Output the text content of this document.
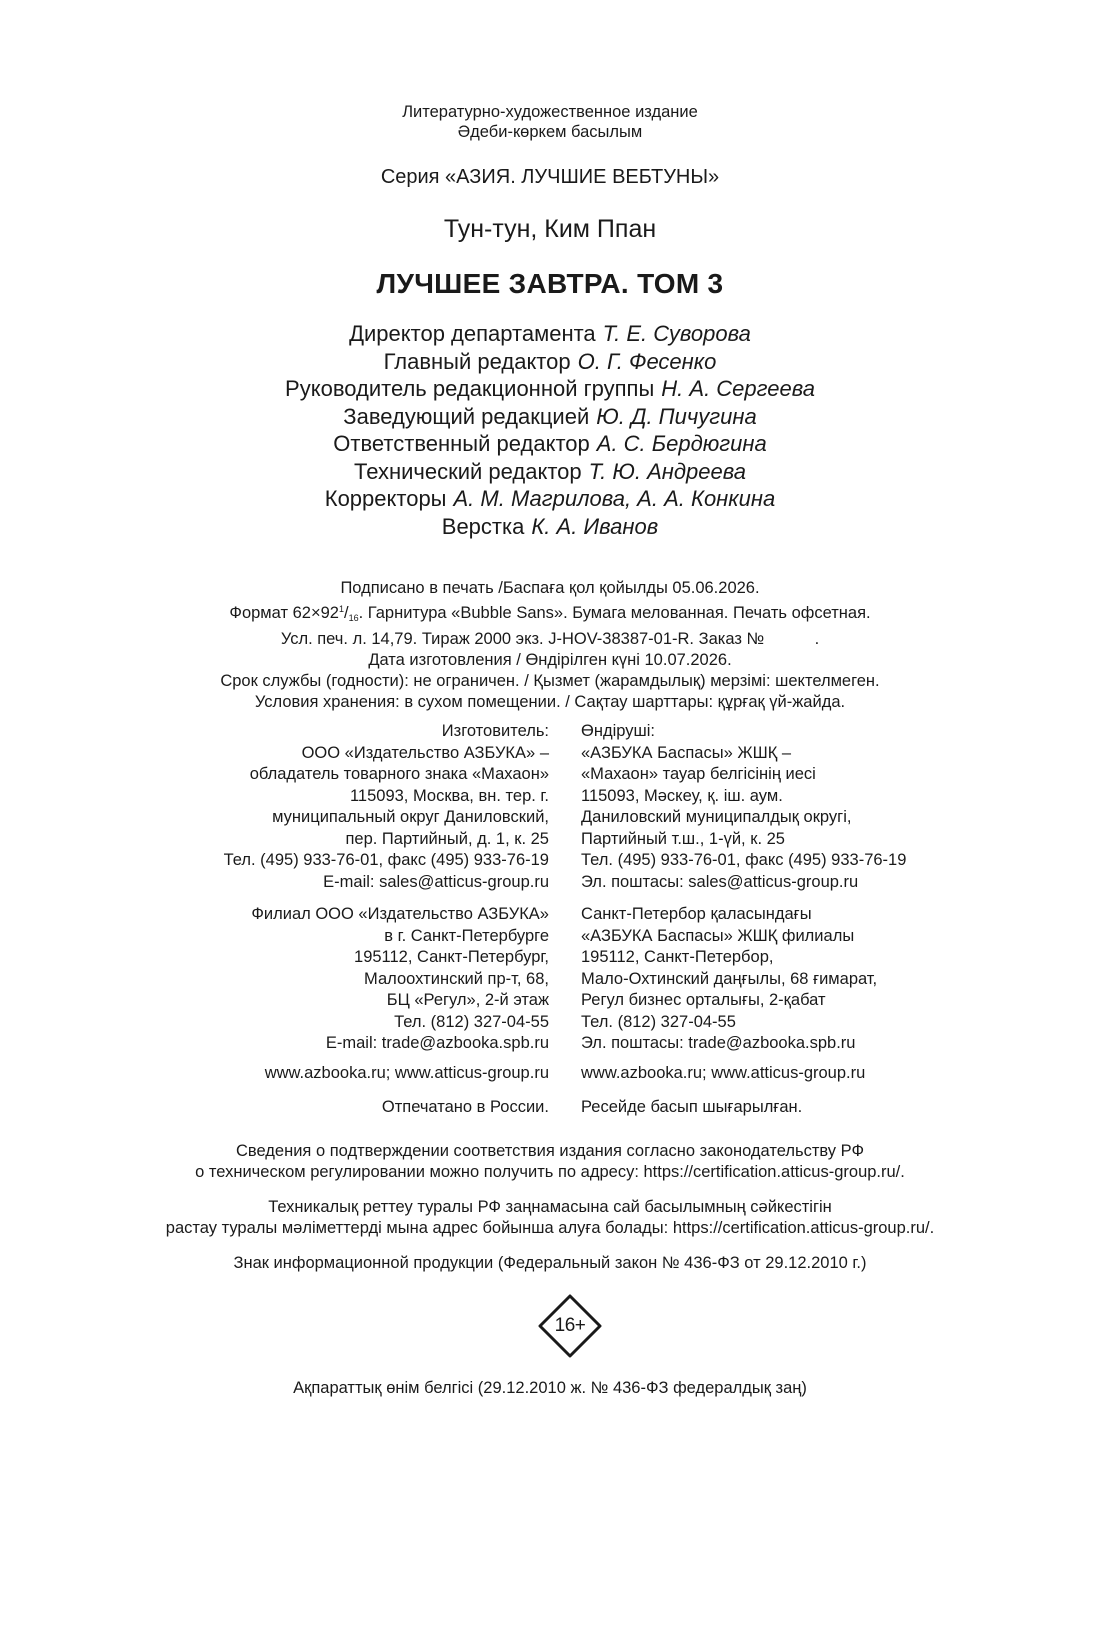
Литературно-художественное издание
Әдеби-көркем басылым
Серия «АЗИЯ. ЛУЧШИЕ ВЕБТУНЫ»
Тун-тун, Ким Ппан
ЛУЧШЕЕ ЗАВТРА. ТОМ 3
Директор департамента Т. Е. Суворова
Главный редактор О. Г. Фесенко
Руководитель редакционной группы Н. А. Сергеева
Заведующий редакцией Ю. Д. Пичугина
Ответственный редактор А. С. Бердюгина
Технический редактор Т. Ю. Андреева
Корректоры А. М. Магрилова, А. А. Конкина
Верстка К. А. Иванов
Подписано в печать /Баспаға қол қойылды 05.06.2026.
Формат $62\times 92^1/_{16}$. Гарнитура «Bubble Sans». Бумага мелованная. Печать офсетная.
Усл. печ. л. 14,79. Тираж 2000 экз. J-HOV-38387-01-R. Заказ №           .
Дата изготовления / Өндірілген күні 10.07.2026.
Срок службы (годности): не ограничен. / Қызмет (жарамдылық) мерзімі: шектелмеген.
Условия хранения: в сухом помещении. / Сақтау шарттары: құрғақ үй-жайда.
Изготовитель:
ООО «Издательство АЗБУКА» –
обладатель товарного знака «Махаон»
115093, Москва, вн. тер. г.
муниципальный округ Даниловский,
пер. Партийный, д. 1, к. 25
Тел. (495) 933-76-01, факс (495) 933-76-19
E-mail: sales@atticus-group.ru
Өндіруші:
«АЗБУКА Баспасы» ЖШҚ –
«Махаон» тауар белгісінің иесі
115093, Мәскеу, қ. іш. аум.
Даниловский муниципалдық округі,
Партийный т.ш., 1-үй, к. 25
Тел. (495) 933-76-01, факс (495) 933-76-19
Эл. поштасы: sales@atticus-group.ru
Филиал ООО «Издательство АЗБУКА»
в г. Санкт-Петербурге
195112, Санкт-Петербург,
Малоохтинский пр-т, 68,
БЦ «Регул», 2-й этаж
Тел. (812) 327-04-55
E-mail: trade@azbooka.spb.ru
Санкт-Петербор қаласындағы
«АЗБУКА Баспасы» ЖШҚ филиалы
195112, Санкт-Петербор,
Мало-Охтинский даңғылы, 68 ғимарат,
Регул бизнес орталығы, 2-қабат
Тел. (812) 327-04-55
Эл. поштасы: trade@azbooka.spb.ru
www.azbooka.ru; www.atticus-group.ru www.azbooka.ru; www.atticus-group.ru
Отпечатано в России. Ресейде басып шығарылған.
Сведения о подтверждении соответствия издания согласно законодательству РФ
о техническом регулировании можно получить по адресу: https://certification.atticus-group.ru/.
Техникалық реттеу туралы РФ заңнамасына сай басылымның сәйкестігін
растау туралы мәліметтерді мына адрес бойынша алуға болады: https://certification.atticus-group.ru/.
Знак информационной продукции (Федеральный закон № 436-ФЗ от 29.12.2010 г.)
16+
Ақпараттық өнім белгісі (29.12.2010 ж. № 436-ФЗ федералдық заң)
